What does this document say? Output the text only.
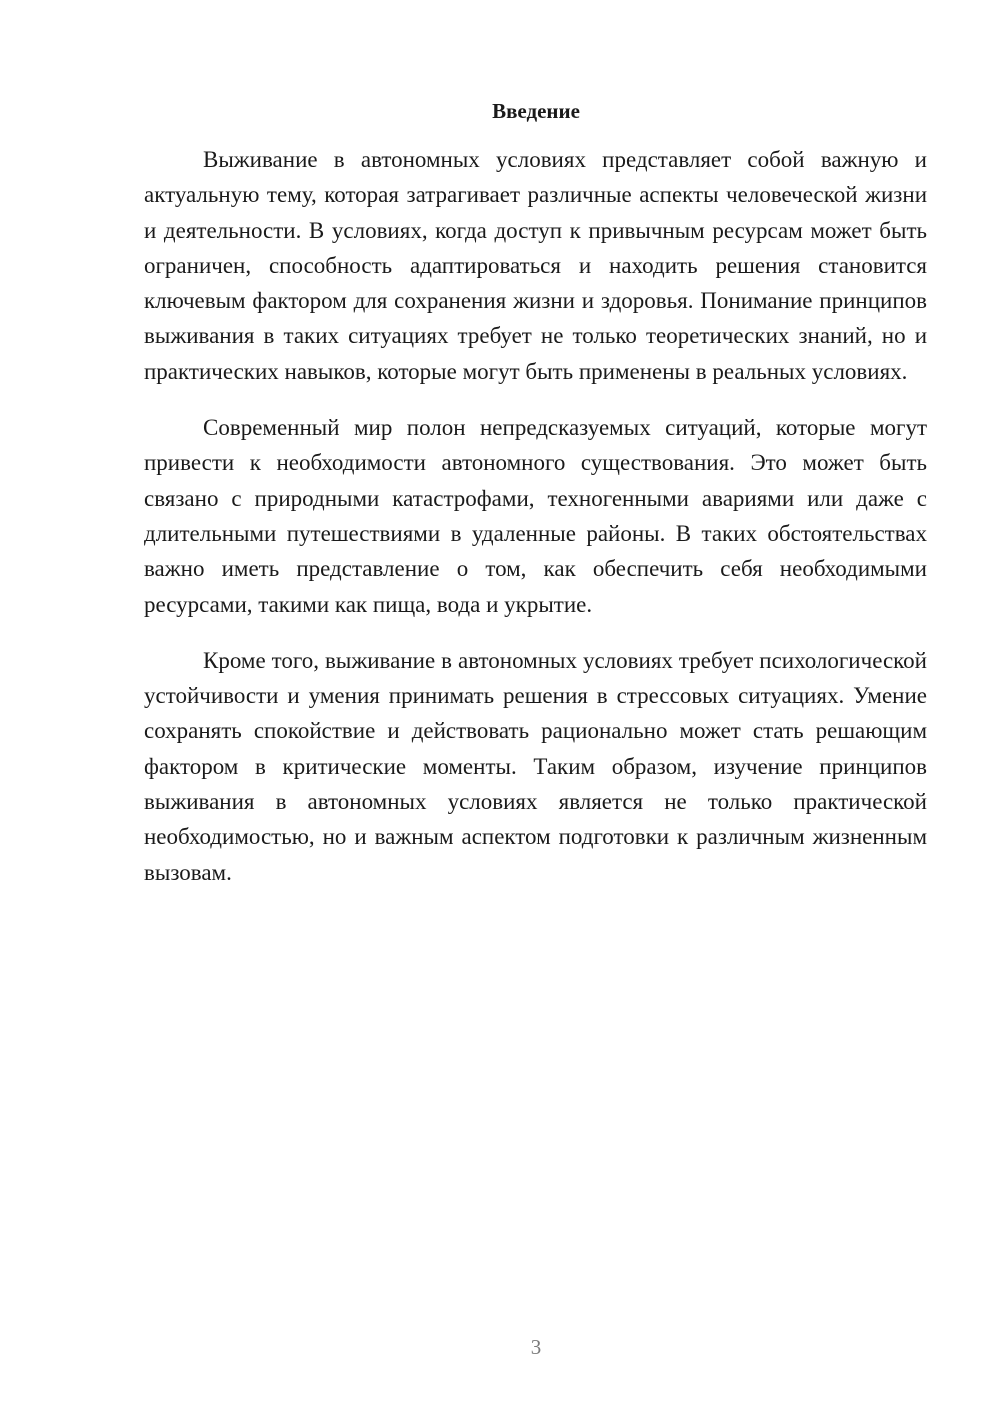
Введение

Выживание в автономных условиях представляет собой важную и актуальную тему, которая затрагивает различные аспекты человеческой жизни и деятельности. В условиях, когда доступ к привычным ресурсам может быть ограничен, способность адаптироваться и находить решения становится ключевым фактором для сохранения жизни и здоровья. Понимание принципов выживания в таких ситуациях требует не только теоретических знаний, но и практических навыков, которые могут быть применены в реальных условиях.

Современный мир полон непредсказуемых ситуаций, которые могут привести к необходимости автономного существования. Это может быть связано с природными катастрофами, техногенными авариями или даже с длительными путешествиями в удаленные районы. В таких обстоятельствах важно иметь представление о том, как обеспечить себя необходимыми ресурсами, такими как пища, вода и укрытие.

Кроме того, выживание в автономных условиях требует психологической устойчивости и умения принимать решения в стрессовых ситуациях. Умение сохранять спокойствие и действовать рационально может стать решающим фактором в критические моменты. Таким образом, изучение принципов выживания в автономных условиях является не только практической необходимостью, но и важным аспектом подготовки к различным жизненным вызовам.

3
